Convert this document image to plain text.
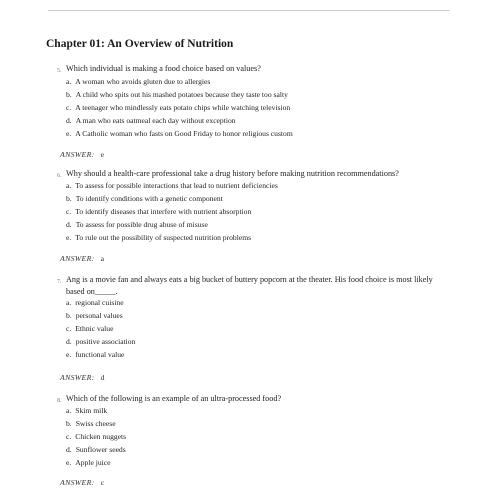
Chapter 01: An Overview of Nutrition
5. Which individual is making a food choice based on values?
a. A woman who avoids gluten due to allergies
b. A child who spits out his mashed potatoes because they taste too salty
c. A teenager who mindlessly eats potato chips while watching television
d. A man who eats oatmeal each day without exception
e. A Catholic woman who fasts on Good Friday to honor religious custom
ANSWER: e
6. Why should a health-care professional take a drug history before making nutrition recommendations?
a. To assess for possible interactions that lead to nutrient deficiencies
b. To identify conditions with a genetic component
c. To identify diseases that interfere with nutrient absorption
d. To assess for possible drug abuse of misuse
e. To rule out the possibility of suspected nutrition problems
ANSWER: a
7. Ang is a movie fan and always eats a big bucket of buttery popcorn at the theater. His food choice is most likely based on_____.
a. regional cuisine
b. personal values
c. Ethnic value
d. positive association
e. functional value
ANSWER: d
8. Which of the following is an example of an ultra-processed food?
a. Skim milk
b. Swiss cheese
c. Chicken nuggets
d. Sunflower seeds
e. Apple juice
ANSWER: c
